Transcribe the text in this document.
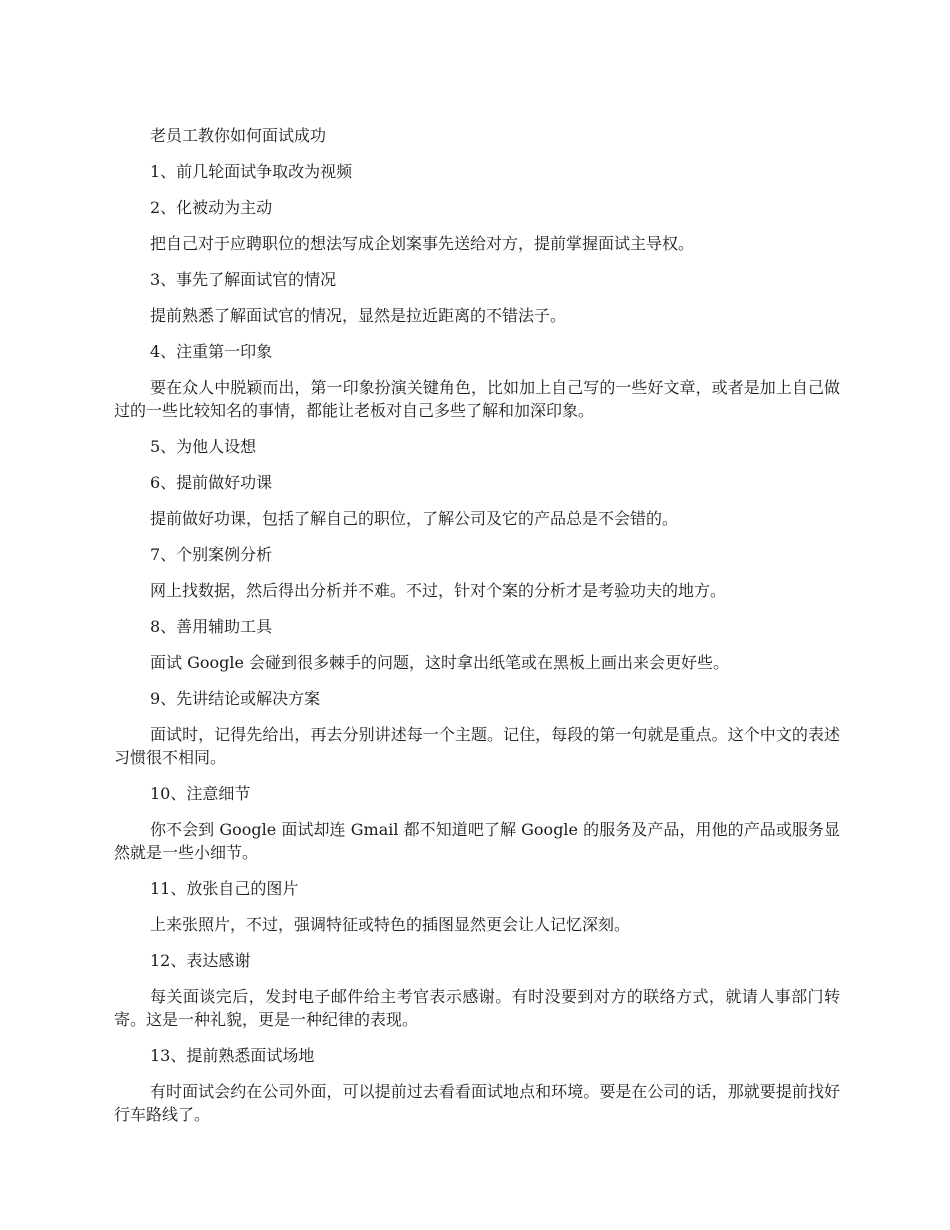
老员工教你如何面试成功

1、前几轮面试争取改为视频

2、化被动为主动

把自己对于应聘职位的想法写成企划案事先送给对方，提前掌握面试主导权。

3、事先了解面试官的情况

提前熟悉了解面试官的情况，显然是拉近距离的不错法子。

4、注重第一印象

要在众人中脱颖而出，第一印象扮演关键角色，比如加上自己写的一些好文章，或者是加上自己做过的一些比较知名的事情，都能让老板对自己多些了解和加深印象。

5、为他人设想

6、提前做好功课

提前做好功课，包括了解自己的职位，了解公司及它的产品总是不会错的。

7、个别案例分析

网上找数据，然后得出分析并不难。不过，针对个案的分析才是考验功夫的地方。

8、善用辅助工具

面试 Google 会碰到很多棘手的问题，这时拿出纸笔或在黑板上画出来会更好些。

9、先讲结论或解决方案

面试时，记得先给出，再去分别讲述每一个主题。记住，每段的第一句就是重点。这个中文的表述习惯很不相同。

10、注意细节

你不会到 Google 面试却连 Gmail 都不知道吧了解 Google 的服务及产品，用他的产品或服务显然就是一些小细节。

11、放张自己的图片

上来张照片，不过，强调特征或特色的插图显然更会让人记忆深刻。

12、表达感谢

每关面谈完后，发封电子邮件给主考官表示感谢。有时没要到对方的联络方式，就请人事部门转寄。这是一种礼貌，更是一种纪律的表现。

13、提前熟悉面试场地

有时面试会约在公司外面，可以提前过去看看面试地点和环境。要是在公司的话，那就要提前找好行车路线了。
